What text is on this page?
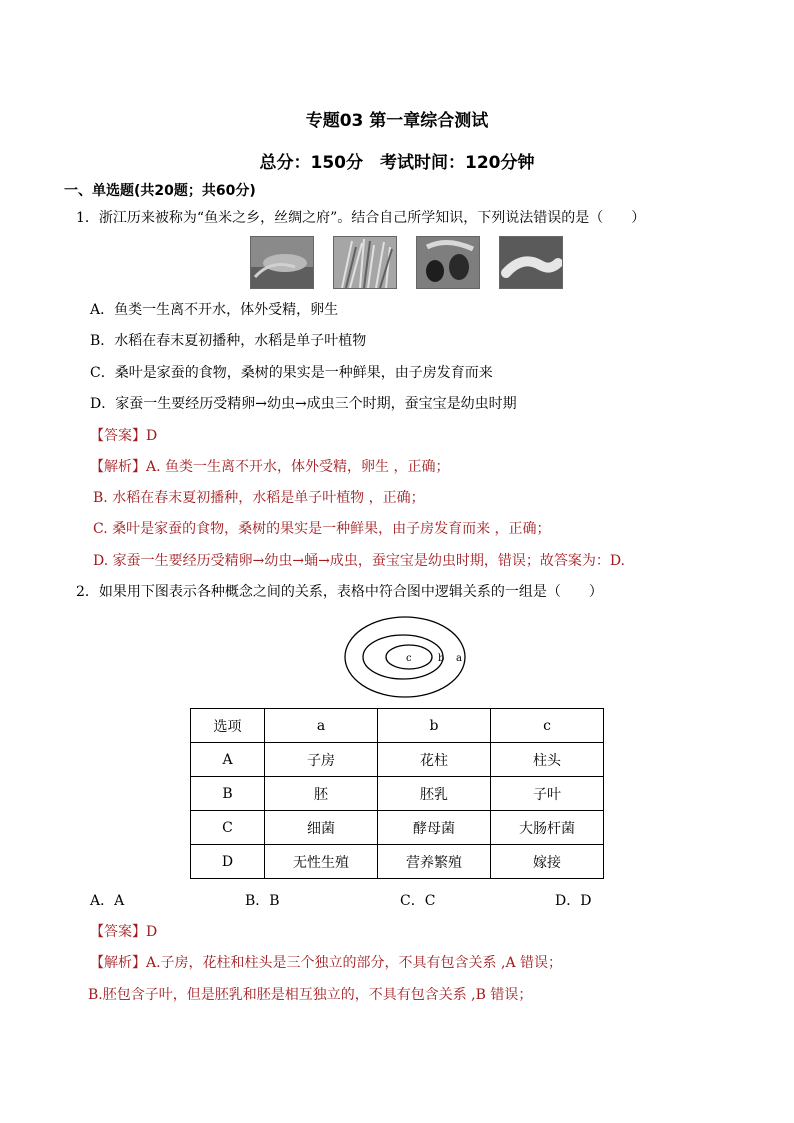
专题03 第一章综合测试
总分：150分　考试时间：120分钟
一、单选题(共20题；共60分)
1．浙江历来被称为“鱼米之乡，丝绸之府”。结合自己所学知识，下列说法错误的是（　　）
A．鱼类一生离不开水，体外受精，卵生
B．水稻在春末夏初播种，水稻是单子叶植物
C．桑叶是家蚕的食物，桑树的果实是一种鲜果，由子房发育而来
D．家蚕一生要经历受精卵→幼虫→成虫三个时期，蚕宝宝是幼虫时期
【答案】D
【解析】A. 鱼类一生离不开水，体外受精，卵生 ，正确；
B. 水稻在春末夏初播种，水稻是单子叶植物 ，正确；
C. 桑叶是家蚕的食物，桑树的果实是一种鲜果，由子房发育而来 ，正确；
D. 家蚕一生要经历受精卵→幼虫→蛹→成虫，蚕宝宝是幼虫时期，错误；故答案为：D.
2．如果用下图表示各种概念之间的关系，表格中符合图中逻辑关系的一组是（　　）
c	b a
选项	a	b	c
A	子房	花柱	柱头
B	胚	胚乳	子叶
C	细菌	酵母菌	大肠杆菌
D	无性生殖	营养繁殖	嫁接
A．A	B．B	C．C	D．D
【答案】D
【解析】A.子房，花柱和柱头是三个独立的部分，不具有包含关系 ,A 错误；
B.胚包含子叶，但是胚乳和胚是相互独立的，不具有包含关系 ,B 错误；
